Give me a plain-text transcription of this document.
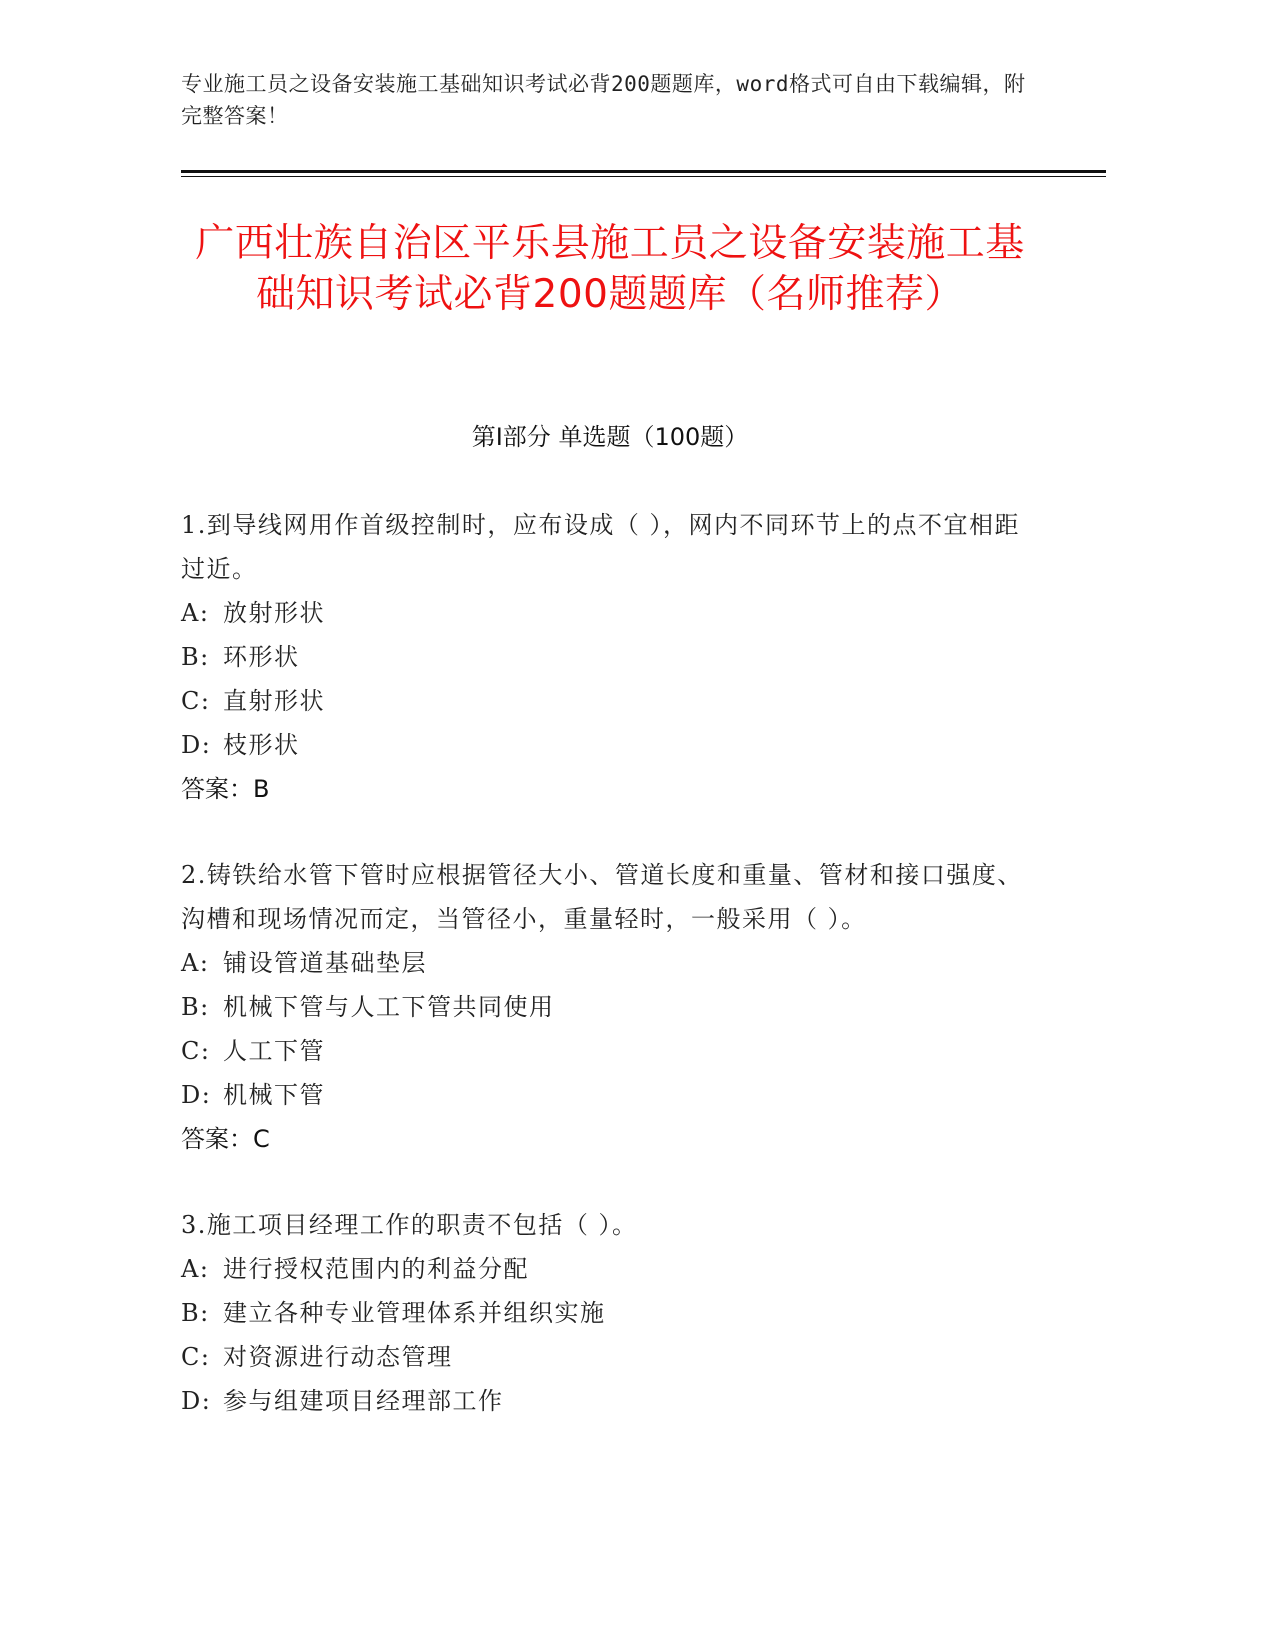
专业施工员之设备安装施工基础知识考试必背200题题库，word格式可自由下载编辑，附完整答案！
广西壮族自治区平乐县施工员之设备安装施工基础知识考试必背200题题库（名师推荐）
第Ⅰ部分 单选题（100题）
1.到导线网用作首级控制时，应布设成（ ），网内不同环节上的点不宜相距过近。
A: 放射形状
B: 环形状
C: 直射形状
D: 枝形状
答案：B
2.铸铁给水管下管时应根据管径大小、管道长度和重量、管材和接口强度、沟槽和现场情况而定，当管径小，重量轻时，一般采用（ ）。
A: 铺设管道基础垫层
B: 机械下管与人工下管共同使用
C: 人工下管
D: 机械下管
答案：C
3.施工项目经理工作的职责不包括（ ）。
A: 进行授权范围内的利益分配
B: 建立各种专业管理体系并组织实施
C: 对资源进行动态管理
D: 参与组建项目经理部工作
